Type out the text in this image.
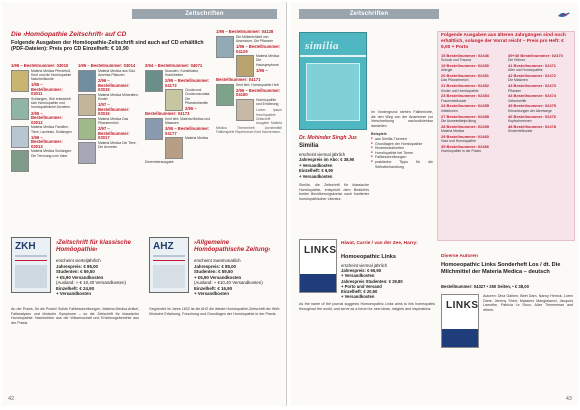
Zeitschriften
Die ›Homöopathie Zeitschrift‹ auf CD
Folgende Ausgaben der Homöopathie-Zeitschrift sind auch auf CD erhältlich (PDF-Dateien): Preis pro CD Einzelheft: € 10,90
1/95 – Bestellnummer: 03010
Materia Medica Pferdefuß, Kent und die Homöopathie Naturheilkunde
1/95 – Bestellnummer: 03011
Schlangen, Wie entwickelt sich Homöopathie und homöopathische Arzneien
2/95 – Bestellnummer: 03012
Materia Medica Familien, Tiere, Lachesis, Schlangen
1/96 – Bestellnummer: 03013
Materia Medica Schlangen. Die Trennung vom Vater
1/96 – Bestellnummer: 03014
Materia Medica aus Süd-Amerika Pflanzen
2/96 – Bestellnummer: 03015
Materia Medica Mineralien, Kinder
1/97 – Bestellnummer: 03016
Materia Medica Das Pflanzenreich
2/97 – Bestellnummer: 03017
Materia Medica Die Tiere, Die Arzneien
2/94 – Bestellnummer: 04071
Nosoden, Konstitution, Krankheiten
2/95 – Bestellnummer: 04172
Cicuta und Cicuta maculata, Die Pflanzenfamilie
2/95 – Bestellnummer: 04173
Kent lebt. Materia Medica und Miasmen
3/95 – Bestellnummer: 04177
Materia Medica Dezemberausgabe
1/96 – Bestellnummer: 04128
Die Mütterlichkeit von Arsenicum, Die Pflanzen
1/96 – Bestellnummer: 04129
Materia Medica Die Hautsymptome
1/96 – Bestellnummer: 04171
Kent lebt. Homöopathie Heft
2/96 – Bestellnummer: 04180
Homöopathie und Ernährung
Lorem ipsum Homöopathie Zeitschrift Ausgabe Materia Medica Themenheft Arzneimittel Fallbeispiele Repertorium Kent Hahnemann.
ZKH	›Zeitschrift für klassische Homöopathie‹
erscheint vierteljährlich
Jahrespreis: € 85,00
Studenten: € 59,50
+ €5,90 Versandkosten
(Ausland: + € 10,40 Versandkosten)
Einzelheft: € 24,90
+ Versandkosten
An der Praxis, für die Praxis! Solide Fallbeschreibungen, Materia Medica Artikel, Fallanalysen und klinische Symptome – so die Zeitschrift für klassische Homöopathie: Nachrichten aus der Wissenschaft und Erfahrungsberichte aus der Praxis.
AHZ	›Allgemeine Homöopathische Zeitung‹
erscheint zweimonatlich
Jahrespreis: € 85,00
Studenten: € 59,50
+ €5,90 Versandkosten
(Ausland: + €10,40 Versandkosten)
Einzelheft: € 16,90
+ Versandkosten
Gegründet im Jahre 1832 ist die AHZ die älteste Homöopathie-Zeitschrift der Welt: Klinische Erfahrung, Forschung und Grundlagen der Homöopathie in der Praxis.
42
Zeitschriften
similia
Im Vordergrund stehen Fallberichte, die den Weg von der Anamnese zur Verschreibung nachvollziehbar darstellen.
Beispiele
■ aus Similia-Themen
■ Grundlagen der Homöopathie
■ Kinderkrankheiten
■ Homöopathie bei Tieren
■ Fallbeschreibungen
■ praktische Tipps für die Selbstbehandlung
Dr. Mohinder Singh Jus
Similia
erscheint viermal jährlich
Jahrespreis im Abo: € 38,90
+ Versandkosten
Einzelheft: € 9,90
+ Versandkosten
Similia, die Zeitschrift für klassische Homöopathie, entspricht dem Bedürfnis breiter Bevölkerungskreise nach fundierter homöopathischer Literatur.
Folgende Ausgaben aus älteren Jahrgängen sind noch erhältlich, solange der Vorrat reicht – Preis pro Heft: € 5,00 + Porto
15 Bestellnummer: 02446
Schock und Trauma
19 Bestellnummer: 02450
Allergie
20 Bestellnummer: 02451
Das Pflanzenreich
21 Bestellnummer: 02452
Kinder und Homöopathie
23 Bestellnummer: 02454
Frauenheilkunde
24 Bestellnummer: 02455
Infektionen
27 Bestellnummer: 02458
Die Arzneimittelprüfung
28 Bestellnummer: 02459
Materia Medica
29 Bestellnummer: 02460
Haut und Homöopathie
35 Bestellnummer: 02466
Homöopathie in der Praxis
39+40 Bestellnummer: 02470
Die Hühner
41 Bestellnummer: 02471
Alter und Homöopathie
42 Bestellnummer: 02472
Die Miasmen
43 Bestellnummer: 02473
Pflanzen
44 Bestellnummer: 02474
Geburtshilfe
45 Bestellnummer: 02475
Erkrankungen der Atemwege
46 Bestellnummer: 02476
Kopfschmerzen
48 Bestellnummer: 02478
Kinderheilkunde
LINKS
Hiwat, Carrie / van der Zee, Harry:
Homoeopathic Links
erscheint viermal jährlich
Jahrespreis: € 65,90
+ Versandkosten
Jahrespreis Studenten: € 29,80
+ Porto und Versand
Einzelheft: € 20,90
+ Versandkosten
As the name of the journal suggests Homoeopathic Links aims to link homeopaths throughout the world, and serve as a forum for new ideas, insights and inspirations.
Diverse Autoren
Homoeopathic Links Sonderheft Los / dt. Die Milchmittel der Materia Medica – deutsch
Bestellnummer: 04327 • 250 Seiten, • € 38,00
LINKS
Autoren: Dina Gahlen, Beet Dam, Nancy Herrick, Loren Dane, Jeremy Sherr, Massimo Mangialavori, Jacques Lamothe, Patricia Le Roux, Alize Timmerman and others.
43
